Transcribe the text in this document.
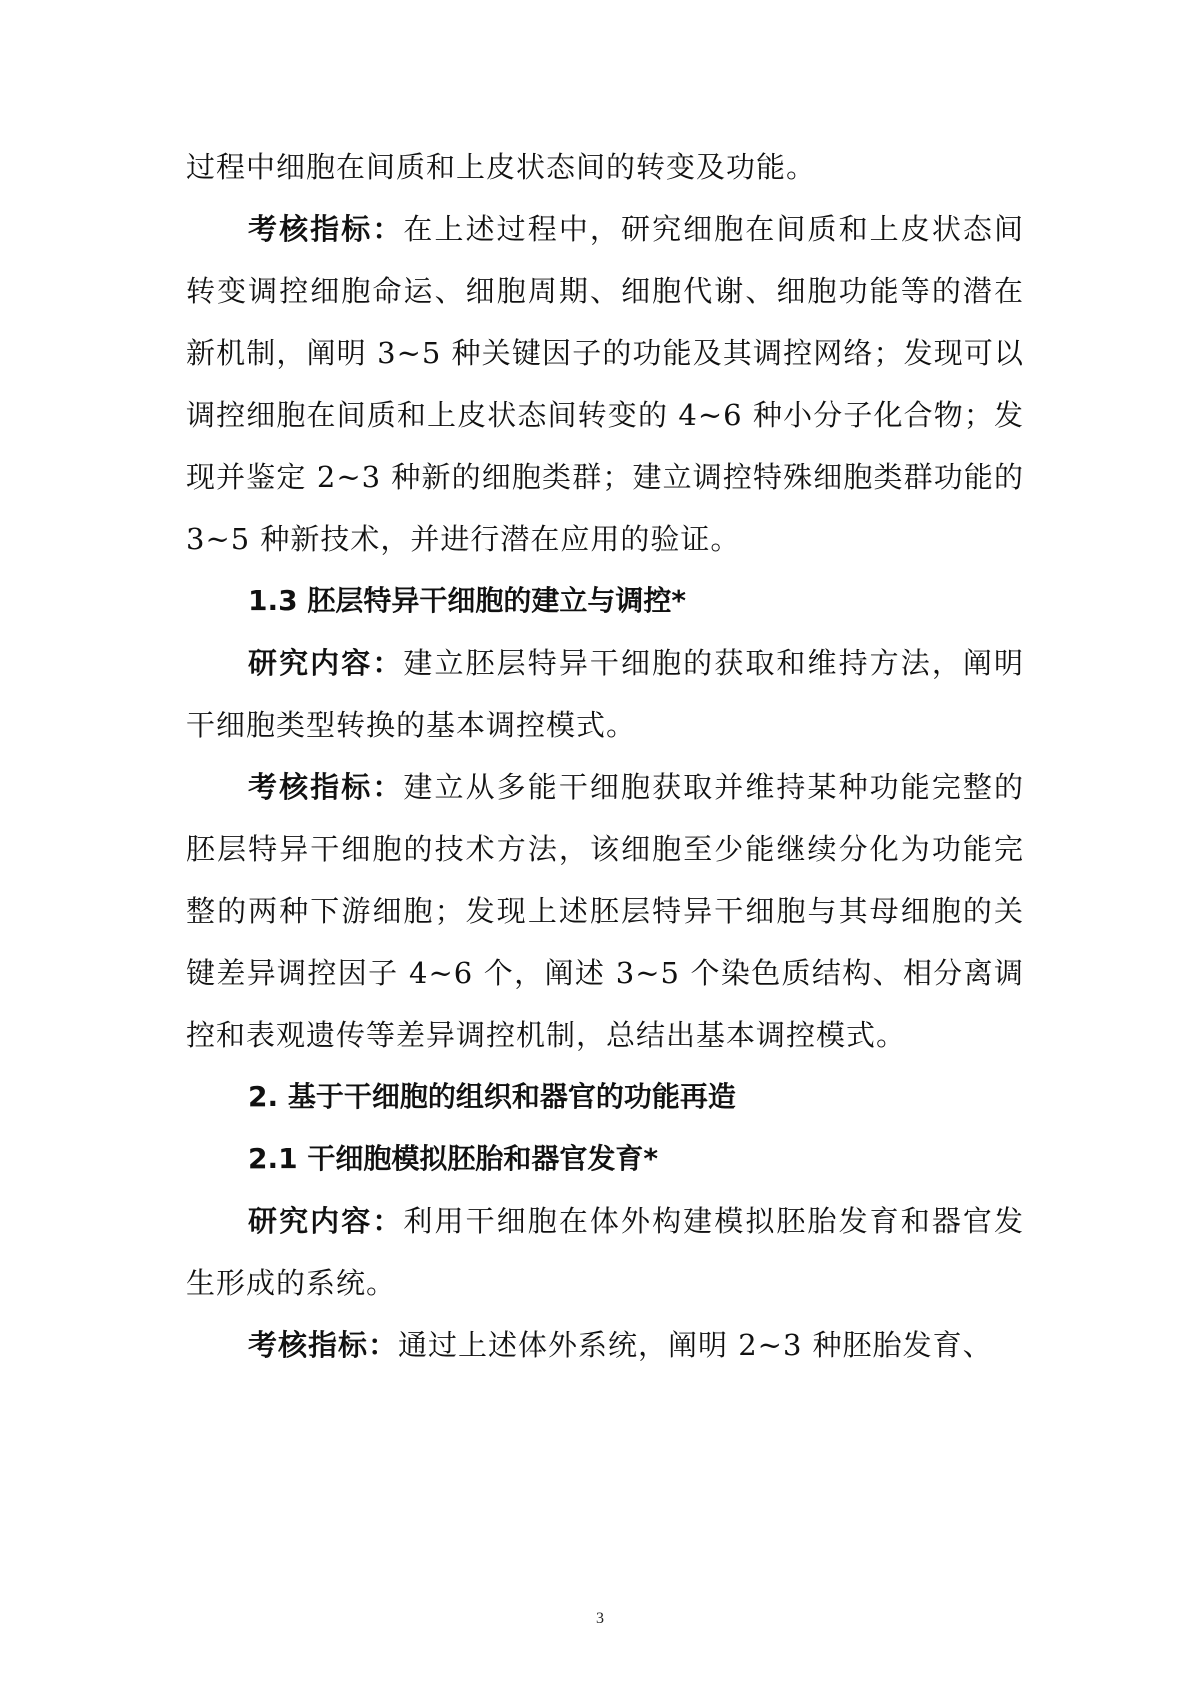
过程中细胞在间质和上皮状态间的转变及功能。

考核指标：在上述过程中，研究细胞在间质和上皮状态间转变调控细胞命运、细胞周期、细胞代谢、细胞功能等的潜在新机制，阐明 3~5 种关键因子的功能及其调控网络；发现可以调控细胞在间质和上皮状态间转变的 4~6 种小分子化合物；发现并鉴定 2~3 种新的细胞类群；建立调控特殊细胞类群功能的 3~5 种新技术，并进行潜在应用的验证。

1.3 胚层特异干细胞的建立与调控*

研究内容：建立胚层特异干细胞的获取和维持方法，阐明干细胞类型转换的基本调控模式。

考核指标：建立从多能干细胞获取并维持某种功能完整的胚层特异干细胞的技术方法，该细胞至少能继续分化为功能完整的两种下游细胞；发现上述胚层特异干细胞与其母细胞的关键差异调控因子 4~6 个，阐述 3~5 个染色质结构、相分离调控和表观遗传等差异调控机制，总结出基本调控模式。

2. 基于干细胞的组织和器官的功能再造

2.1 干细胞模拟胚胎和器官发育*

研究内容：利用干细胞在体外构建模拟胚胎发育和器官发生形成的系统。

考核指标：通过上述体外系统，阐明 2~3 种胚胎发育、

3
